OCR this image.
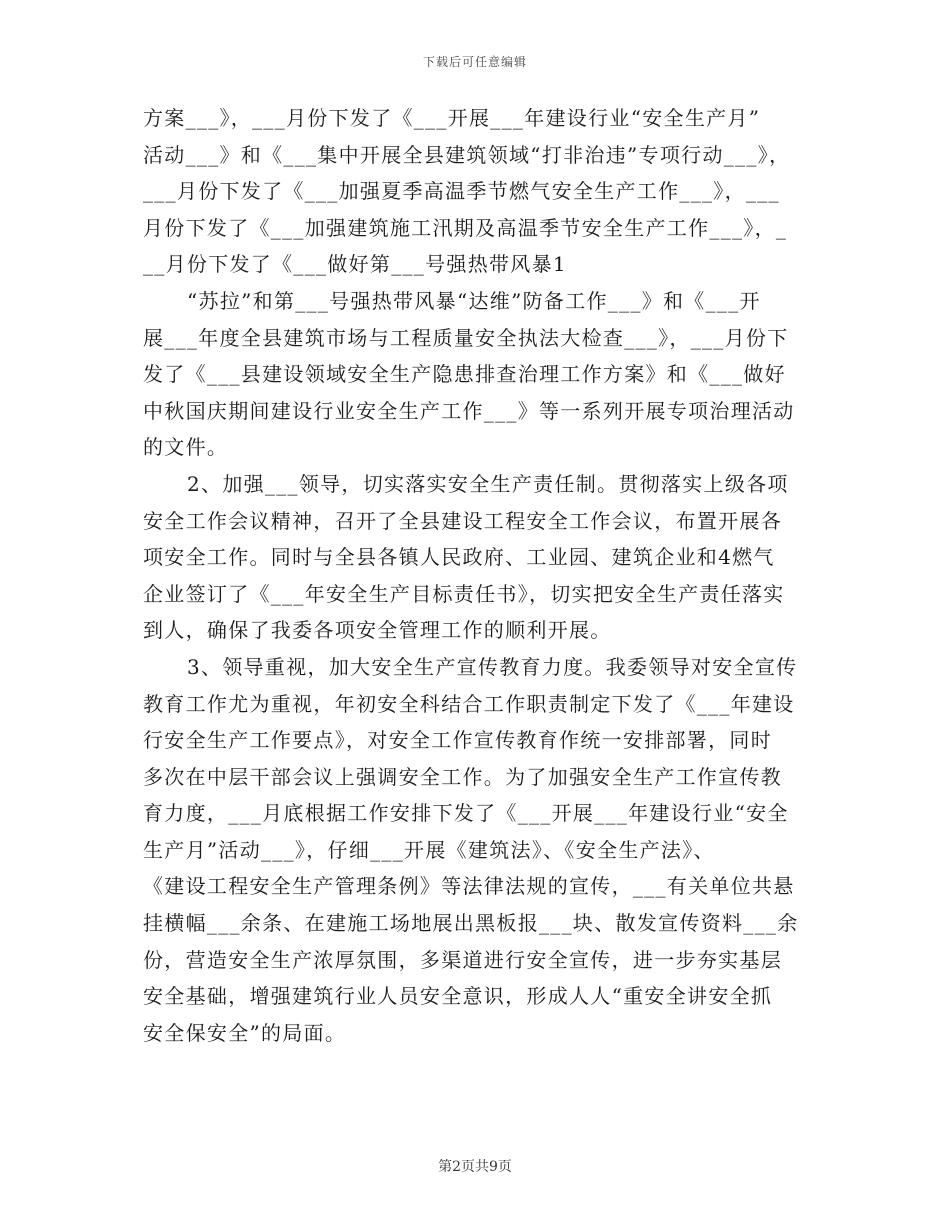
下载后可任意编辑
方案___》，___月份下发了《___开展___年建设行业“安全生产月”
活动___》和《___集中开展全县建筑领域“打非治违”专项行动___》，
___月份下发了《___加强夏季高温季节燃气安全生产工作___》，___
月份下发了《___加强建筑施工汛期及高温季节安全生产工作___》，_
__月份下发了《___做好第___号强热带风暴1
“苏拉”和第___号强热带风暴“达维”防备工作___》和《___开
展___年度全县建筑市场与工程质量安全执法大检查___》，___月份下
发了《___县建设领域安全生产隐患排查治理工作方案》和《___做好
中秋国庆期间建设行业安全生产工作___》等一系列开展专项治理活动
的文件。
2、加强___领导，切实落实安全生产责任制。贯彻落实上级各项
安全工作会议精神，召开了全县建设工程安全工作会议，布置开展各
项安全工作。同时与全县各镇人民政府、工业园、建筑企业和4燃气
企业签订了《___年安全生产目标责任书》，切实把安全生产责任落实
到人，确保了我委各项安全管理工作的顺利开展。
3、领导重视，加大安全生产宣传教育力度。我委领导对安全宣传
教育工作尤为重视，年初安全科结合工作职责制定下发了《___年建设
行安全生产工作要点》，对安全工作宣传教育作统一安排部署，同时
多次在中层干部会议上强调安全工作。为了加强安全生产工作宣传教
育力度，___月底根据工作安排下发了《___开展___年建设行业“安全
生产月”活动___》，仔细___开展《建筑法》、《安全生产法》、
《建设工程安全生产管理条例》等法律法规的宣传，___有关单位共悬
挂横幅___余条、在建施工场地展出黑板报___块、散发宣传资料___余
份，营造安全生产浓厚氛围，多渠道进行安全宣传，进一步夯实基层
安全基础，增强建筑行业人员安全意识，形成人人“重安全讲安全抓
安全保安全”的局面。
第2页共9页
